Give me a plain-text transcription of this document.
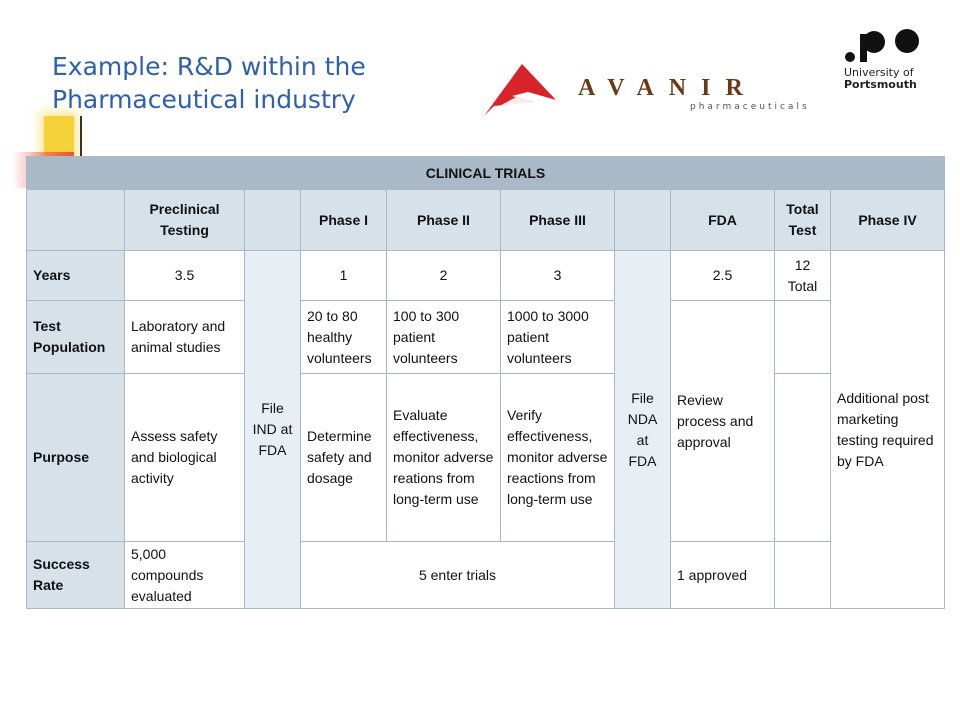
Example: R&D within the
Pharmaceutical industry	AVANIR
pharmaceuticals
University of
Portsmouth
CLINICAL TRIALS									
	Preclinical Testing		Phase I	Phase II	Phase III		FDA	Total Test	Phase IV
Years	3.5	File IND at FDA	1	2	3	File NDA at FDA	2.5	12 Total	Additional post marketing testing required by FDA
Test Population	Laboratory and animal studies		20 to 80 healthy volunteers	100 to 300 patient volunteers	1000 to 3000 patient volunteers		Review process and approval		
Purpose	Assess safety and biological activity		Determine safety and dosage	Evaluate effectiveness, monitor adverse reations from long-term use	Verify effectiveness, monitor adverse reactions from long-term use				
Success Rate	5,000 compounds evaluated		5 enter trials				1 approved		
